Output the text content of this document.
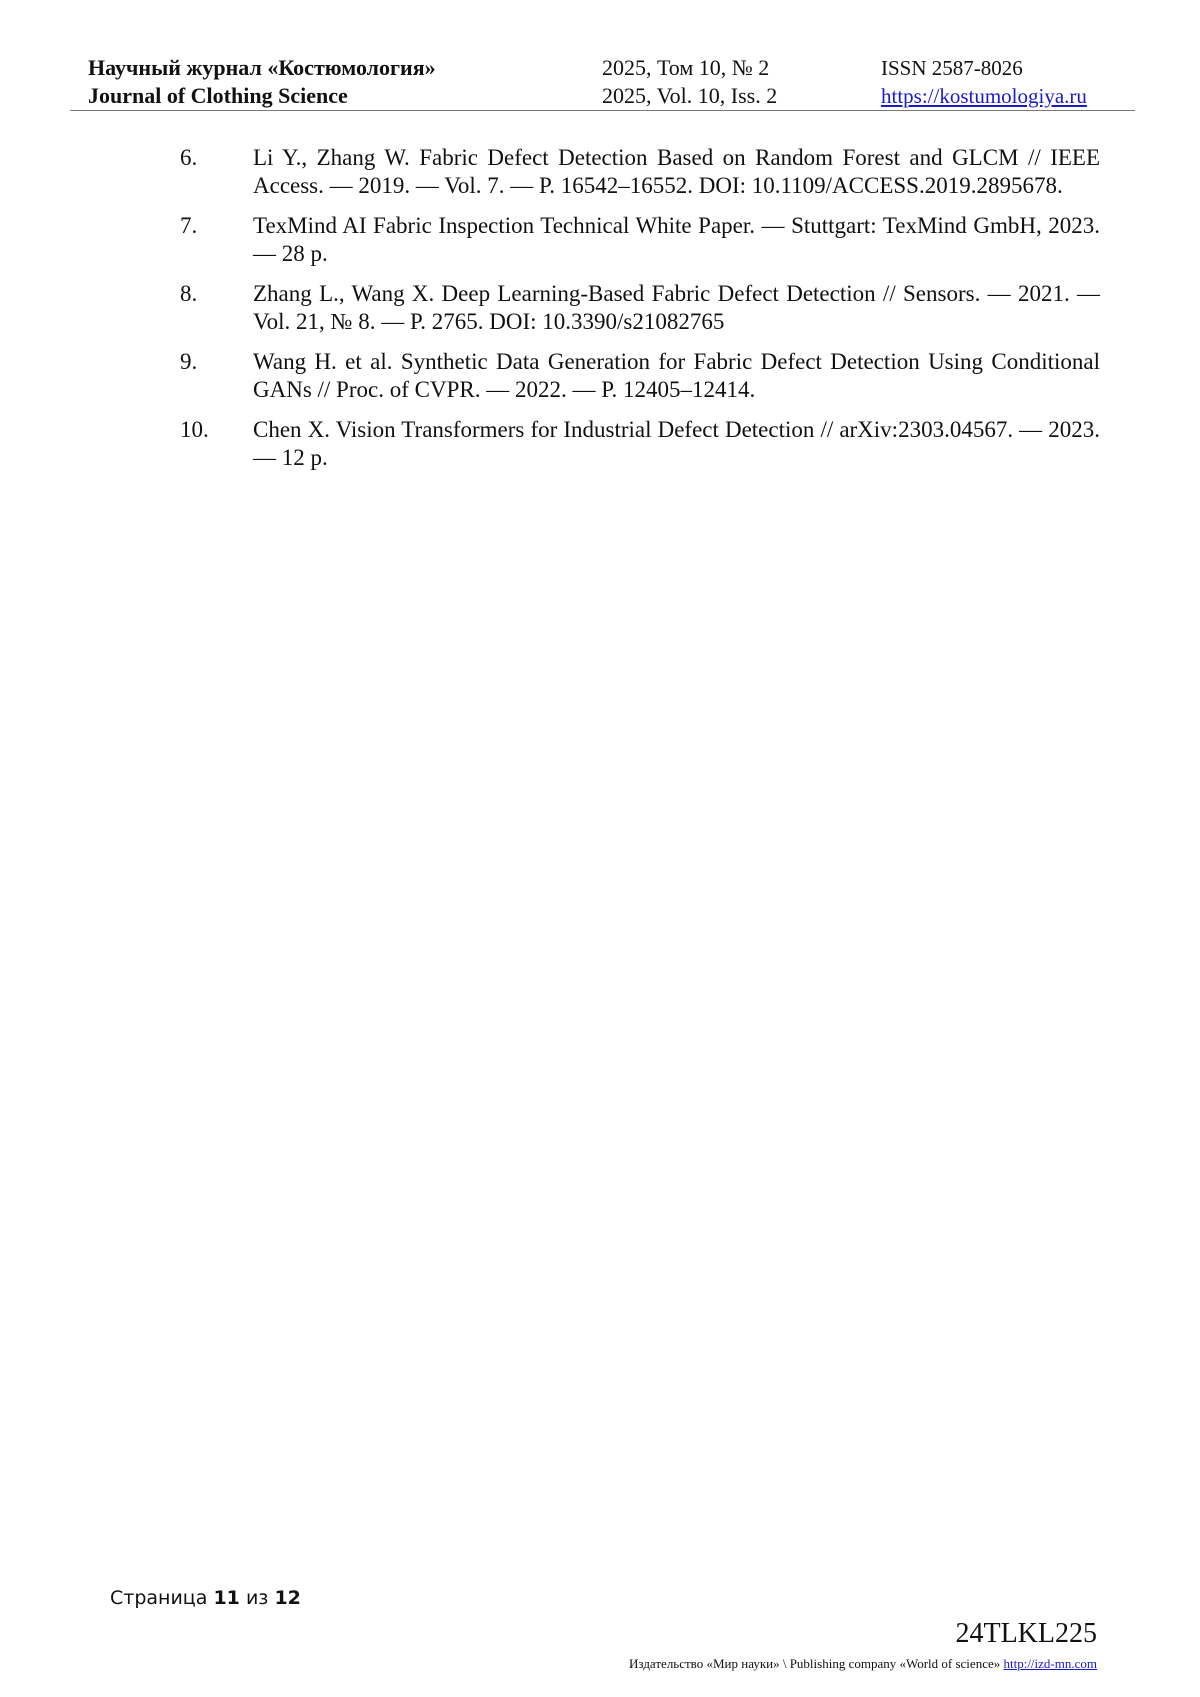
Научный журнал «Костюмология»
Journal of Clothing Science
2025, Том 10, № 2
2025, Vol. 10, Iss. 2
ISSN 2587-8026
https://kostumologiya.ru
6.	Li Y., Zhang W. Fabric Defect Detection Based on Random Forest and GLCM // IEEE Access. — 2019. — Vol. 7. — P. 16542–16552. DOI: 10.1109/ACCESS.2019.2895678.
7.	TexMind AI Fabric Inspection Technical White Paper. — Stuttgart: TexMind GmbH, 2023. — 28 p.
8.	Zhang L., Wang X. Deep Learning-Based Fabric Defect Detection // Sensors. — 2021. — Vol. 21, № 8. — P. 2765. DOI: 10.3390/s21082765
9.	Wang H. et al. Synthetic Data Generation for Fabric Defect Detection Using Conditional GANs // Proc. of CVPR. — 2022. — P. 12405–12414.
10.	Chen X. Vision Transformers for Industrial Defect Detection // arXiv:2303.04567. — 2023. — 12 p.
Страница 11 из 12
24TLKL225
Издательство «Мир науки» \ Publishing company «World of science» http://izd-mn.com
